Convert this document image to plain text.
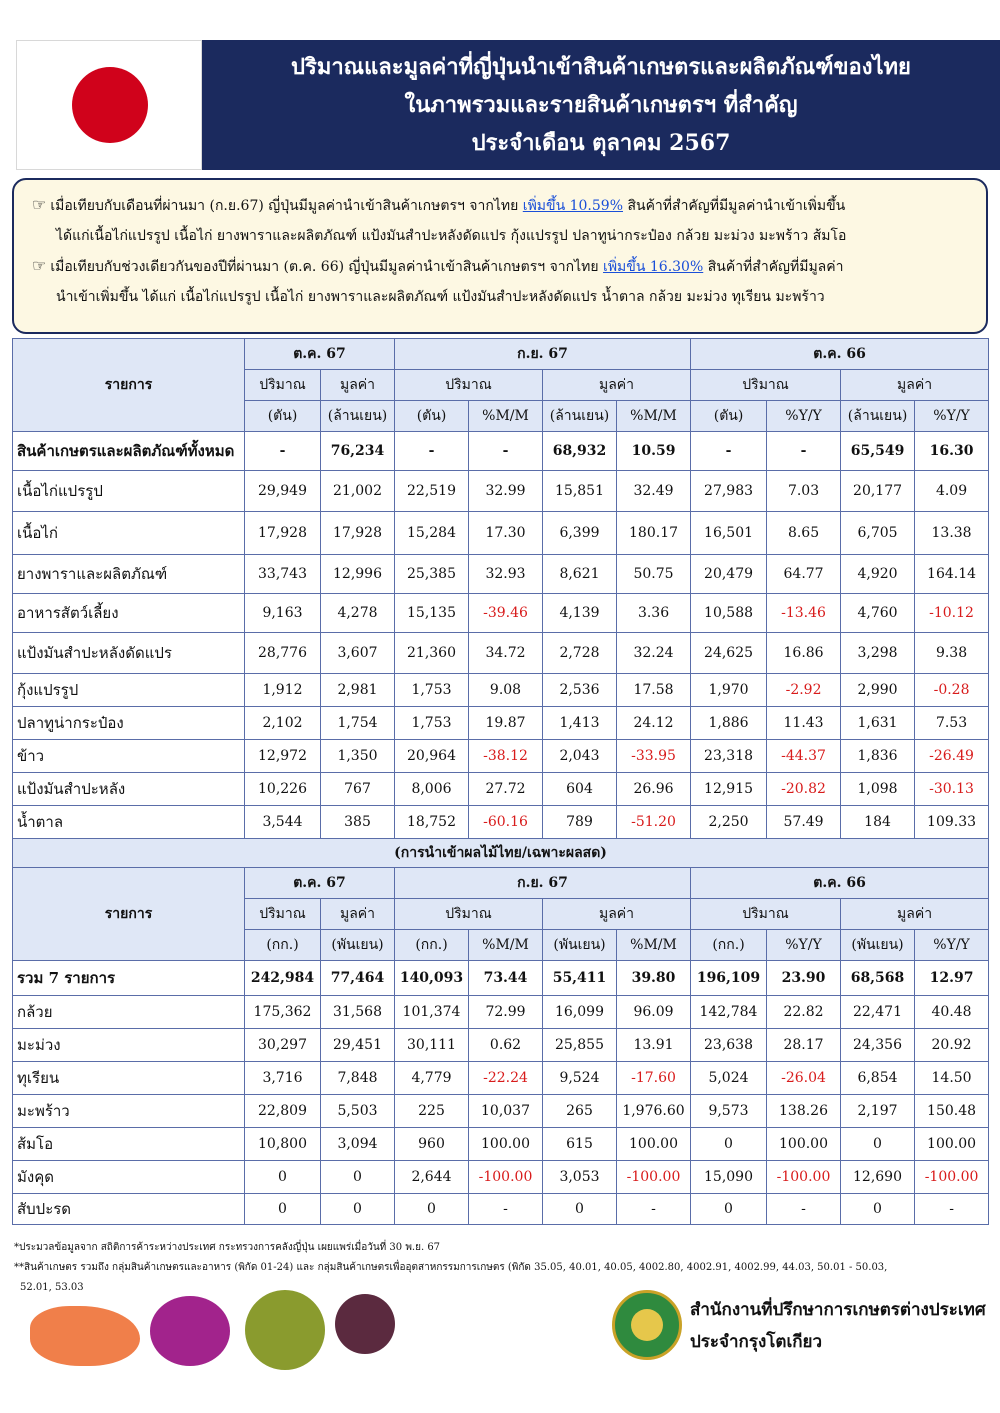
ปริมาณและมูลค่าที่ญี่ปุ่นนำเข้าสินค้าเกษตรและผลิตภัณฑ์ของไทย
ในภาพรวมและรายสินค้าเกษตรฯ ที่สำคัญ
ประจำเดือน ตุลาคม 2567

☞ เมื่อเทียบกับเดือนที่ผ่านมา (ก.ย.67) ญี่ปุ่นมีมูลค่านำเข้าสินค้าเกษตรฯ จากไทย เพิ่มขึ้น 10.59% สินค้าที่สำคัญที่มีมูลค่านำเข้าเพิ่มขึ้น

ได้แก่เนื้อไก่แปรรูป เนื้อไก่ ยางพาราและผลิตภัณฑ์ แป้งมันสำปะหลังดัดแปร กุ้งแปรรูป ปลาทูน่ากระป๋อง กล้วย มะม่วง มะพร้าว ส้มโอ

☞ เมื่อเทียบกับช่วงเดียวกันของปีที่ผ่านมา (ต.ค. 66) ญี่ปุ่นมีมูลค่านำเข้าสินค้าเกษตรฯ จากไทย เพิ่มขึ้น 16.30% สินค้าที่สำคัญที่มีมูลค่า

นำเข้าเพิ่มขึ้น ได้แก่ เนื้อไก่แปรรูป เนื้อไก่ ยางพาราและผลิตภัณฑ์ แป้งมันสำปะหลังดัดแปร น้ำตาล กล้วย มะม่วง ทุเรียน มะพร้าว

รายการ	ต.ค. 67		ก.ย. 67				ต.ค. 66			
	ปริมาณ	มูลค่า	ปริมาณ		มูลค่า		ปริมาณ		มูลค่า	
	(ตัน)	(ล้านเยน)	(ตัน)	%M/M	(ล้านเยน)	%M/M	(ตัน)	%Y/Y	(ล้านเยน)	%Y/Y
สินค้าเกษตรและผลิตภัณฑ์ทั้งหมด	-	76,234	-	-	68,932	10.59	-	-	65,549	16.30
เนื้อไก่แปรรูป	29,949	21,002	22,519	32.99	15,851	32.49	27,983	7.03	20,177	4.09
เนื้อไก่	17,928	17,928	15,284	17.30	6,399	180.17	16,501	8.65	6,705	13.38
ยางพาราและผลิตภัณฑ์	33,743	12,996	25,385	32.93	8,621	50.75	20,479	64.77	4,920	164.14
อาหารสัตว์เลี้ยง	9,163	4,278	15,135	-39.46	4,139	3.36	10,588	-13.46	4,760	-10.12
แป้งมันสำปะหลังดัดแปร	28,776	3,607	21,360	34.72	2,728	32.24	24,625	16.86	3,298	9.38
กุ้งแปรรูป	1,912	2,981	1,753	9.08	2,536	17.58	1,970	-2.92	2,990	-0.28
ปลาทูน่ากระป๋อง	2,102	1,754	1,753	19.87	1,413	24.12	1,886	11.43	1,631	7.53
ข้าว	12,972	1,350	20,964	-38.12	2,043	-33.95	23,318	-44.37	1,836	-26.49
แป้งมันสำปะหลัง	10,226	767	8,006	27.72	604	26.96	12,915	-20.82	1,098	-30.13
น้ำตาล	3,544	385	18,752	-60.16	789	-51.20	2,250	57.49	184	109.33
(การนำเข้าผลไม้ไทย/เฉพาะผลสด)										
รายการ	ต.ค. 67		ก.ย. 67				ต.ค. 66			
	ปริมาณ	มูลค่า	ปริมาณ		มูลค่า		ปริมาณ		มูลค่า	
	(กก.)	(พันเยน)	(กก.)	%M/M	(พันเยน)	%M/M	(กก.)	%Y/Y	(พันเยน)	%Y/Y
รวม 7 รายการ	242,984	77,464	140,093	73.44	55,411	39.80	196,109	23.90	68,568	12.97
กล้วย	175,362	31,568	101,374	72.99	16,099	96.09	142,784	22.82	22,471	40.48
มะม่วง	30,297	29,451	30,111	0.62	25,855	13.91	23,638	28.17	24,356	20.92
ทุเรียน	3,716	7,848	4,779	-22.24	9,524	-17.60	5,024	-26.04	6,854	14.50
มะพร้าว	22,809	5,503	225	10,037	265	1,976.60	9,573	138.26	2,197	150.48
ส้มโอ	10,800	3,094	960	100.00	615	100.00	0	100.00	0	100.00
มังคุด	0	0	2,644	-100.00	3,053	-100.00	15,090	-100.00	12,690	-100.00
สับปะรด	0	0	0	-	0	-	0	-	0	-

*ประมวลข้อมูลจาก สถิติการค้าระหว่างประเทศ กระทรวงการคลังญี่ปุ่น เผยแพร่เมื่อวันที่ 30 พ.ย. 67

**สินค้าเกษตร รวมถึง กลุ่มสินค้าเกษตรและอาหาร (พิกัด 01-24) และ กลุ่มสินค้าเกษตรเพื่ออุตสาหกรรมการเกษตร (พิกัด 35.05, 40.01, 40.05, 4002.80, 4002.91, 4002.99, 44.03, 50.01 - 50.03,

52.01, 53.03

สำนักงานที่ปรึกษาการเกษตรต่างประเทศ
ประจำกรุงโตเกียว
